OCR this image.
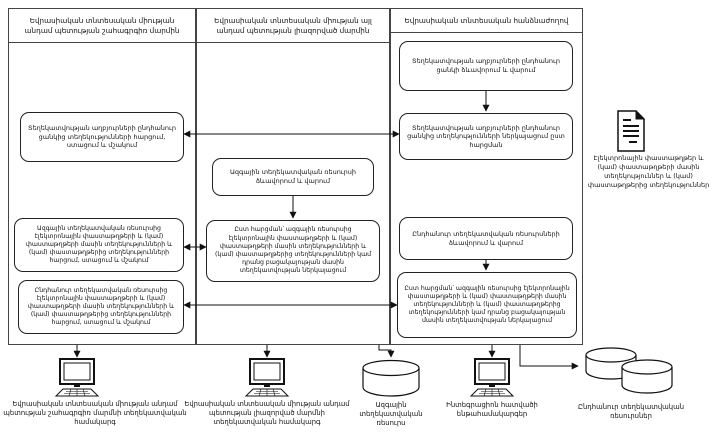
Եվրասիական տնտեսական միության անդամ պետության շահագրգիռ մարմին
Եվրասիական տնտեսական միության այլ անդամ պետության լիազորված մարմին
Եվրասիական տնտեսական հանձնաժողով
Տեղեկատվության աղբյուրների ընդհանուր ցանկից տեղեկությունների հարցում, ստացում և մշակում
Ազգային տեղեկատվական ռեսուրսից էլեկտրոնային փաստաթղթերի և (կամ) փաստաթղթերի մասին տեղեկությունների և (կամ) փաստաթղթերից տեղեկությունների հարցում, ստացում և մշակում
Ընդհանուր տեղեկատվական ռեսուրսից էլեկտրոնային փաստաթղթերի և (կամ) փաստաթղթերի մասին տեղեկությունների և (կամ) փաստաթղթերից տեղեկությունների հարցում, ստացում և մշակում
Ազգային տեղեկատվական ռեսուրսի ձևավորում և վարում
Ըստ հարցման՝ ազգային ռեսուրսից էլեկտրոնային փաստաթղթերի և (կամ) փաստաթղթերի մասին տեղեկությունների և (կամ) փաստաթղթերից տեղեկությունների կամ դրանց բացակայության մասին տեղեկատվության ներկայացում
Տեղեկատվության աղբյուրների ընդհանուր ցանկի ձևավորում և վարում
Տեղեկատվության աղբյուրների ընդհանուր ցանկից տեղեկությունների ներկայացում ըստ հարցման
Ընդհանուր տեղեկատվական ռեսուրսների ձևավորում և վարում
Ըստ հարցման՝ ազգային ռեսուրսից էլեկտրոնային փաստաթղթերի և (կամ) փաստաթղթերի մասին տեղեկությունների և (կամ) փաստաթղթերից տեղեկությունների կամ դրանց բացակայության մասին տեղեկատվության ներկայացում
Էլեկտրոնային փաստաթղթեր և (կամ) փաստաթղթերի մասին տեղեկություններ և (կամ) փաստաթղթերից տեղեկություններ
Եվրասիական տնտեսական միության անդամ պետության շահագրգիռ մարմնի տեղեկատվական համակարգ
Եվրասիական տնտեսական միության անդամ պետության լիազորված մարմնի տեղեկատվական համակարգ
Ազգային տեղեկատվական ռեսուրս
Ինտեգրացիոն հատվածի ենթահամակարգեր
Ընդհանուր տեղեկատվական ռեսուրսներ
